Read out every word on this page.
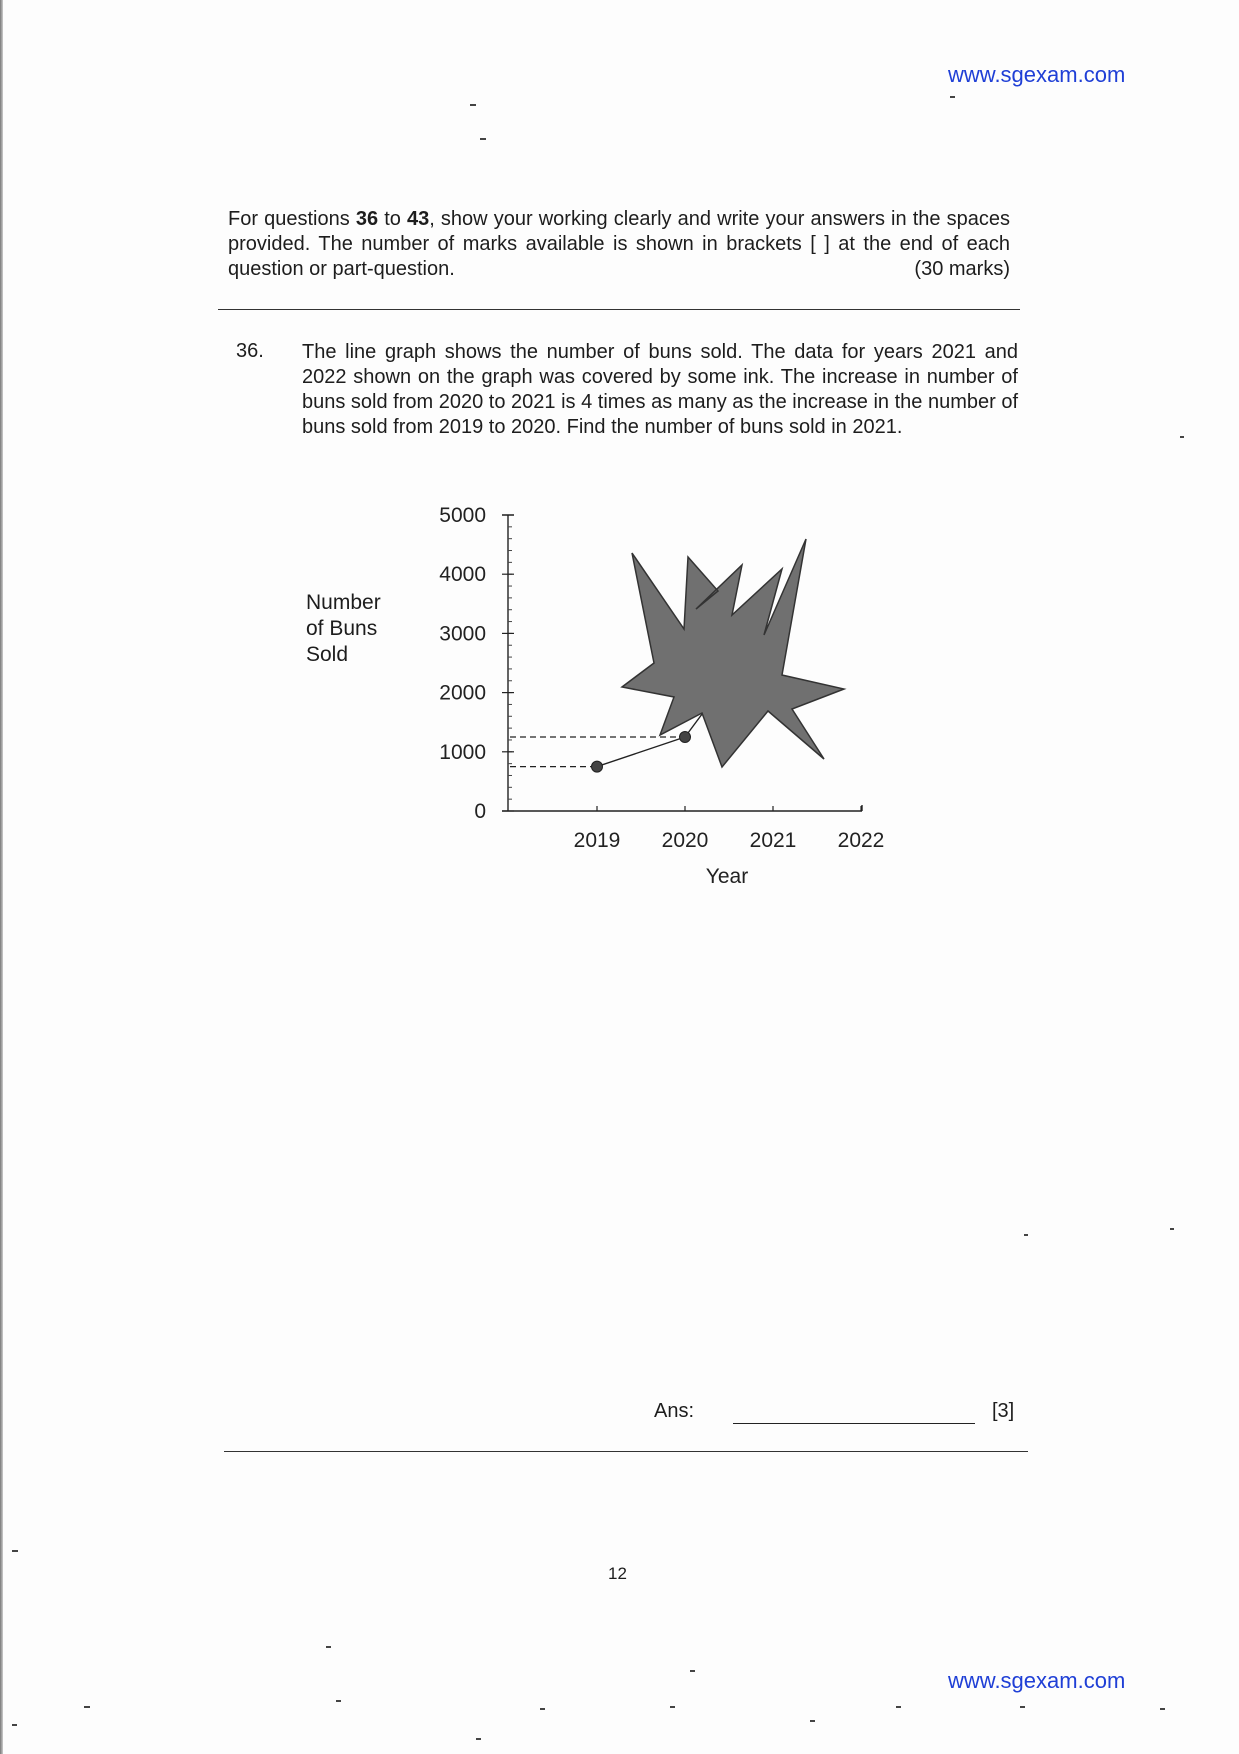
www.sgexam.com
For questions 36 to 43, show your working clearly and write your answers in the spaces provided. The number of marks available is shown in brackets [ ] at the end of each question or part-question.	(30 marks)
36. The line graph shows the number of buns sold. The data for years 2021 and 2022 shown on the graph was covered by some ink. The increase in number of buns sold from 2020 to 2021 is 4 times as many as the increase in the number of buns sold from 2019 to 2020. Find the number of buns sold in 2021.
Number
of Buns
Sold
0
1000
2000
3000
4000
5000
2019 2020 2021 2022
Year
Ans:	[3]
12
www.sgexam.com
